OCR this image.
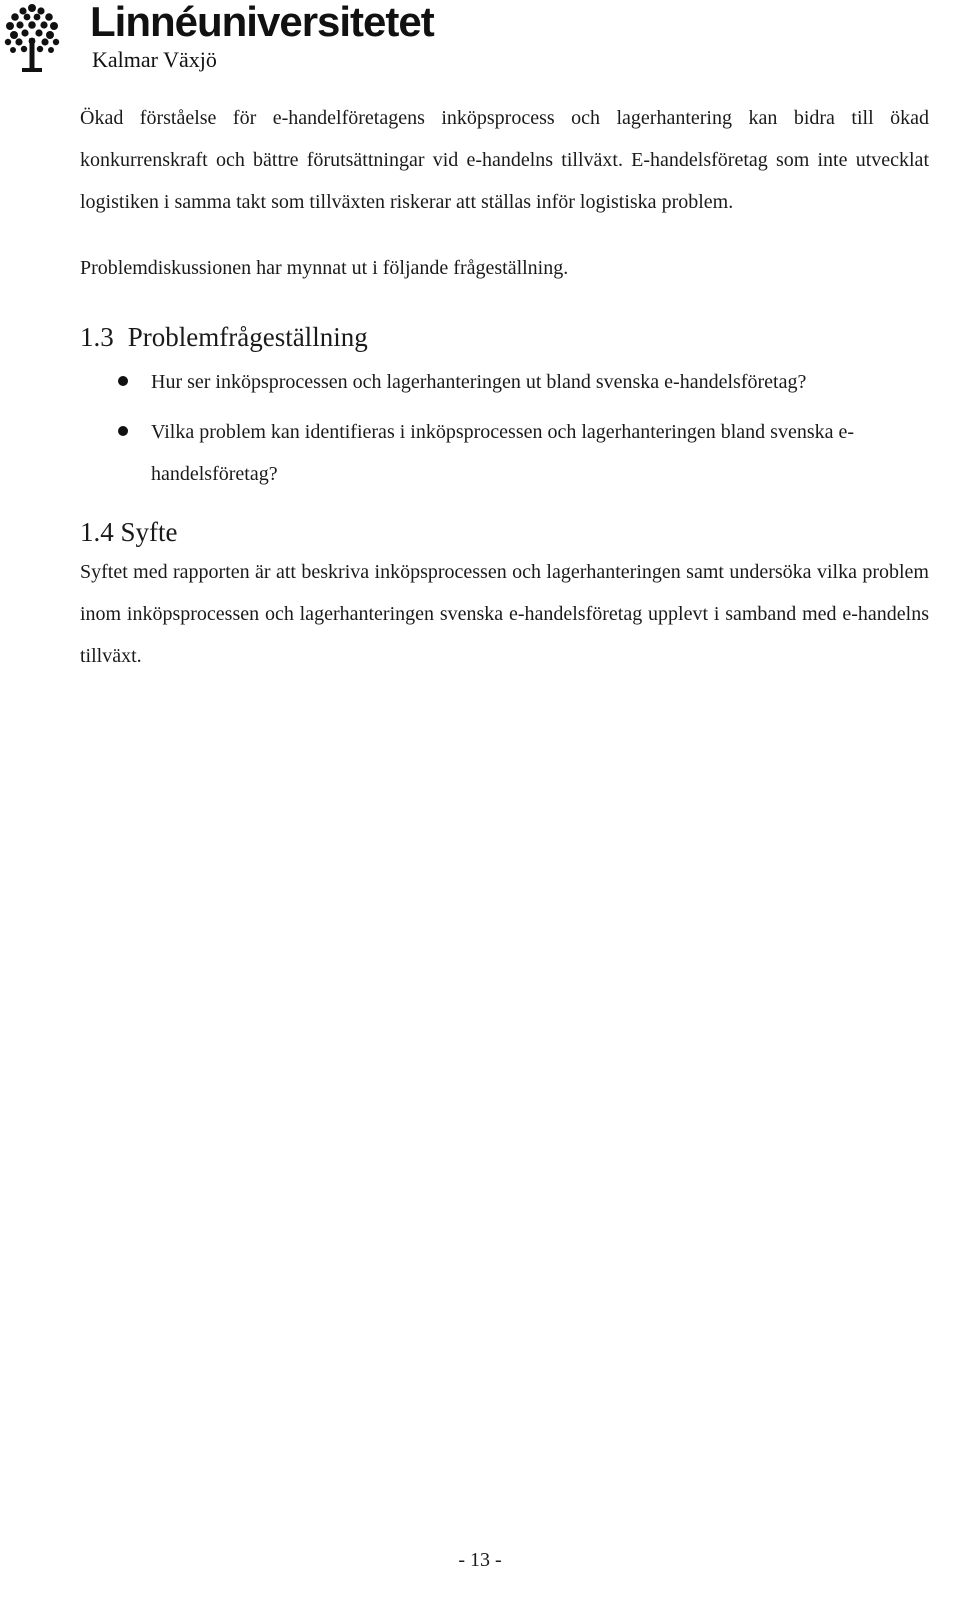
Linnéuniversitetet
Kalmar Växjö

Ökad förståelse för e-handelföretagens inköpsprocess och lagerhantering kan bidra till ökad konkurrenskraft och bättre förutsättningar vid e-handelns tillväxt. E-handelsföretag som inte utvecklat logistiken i samma takt som tillväxten riskerar att ställas inför logistiska problem.

Problemdiskussionen har mynnat ut i följande frågeställning.

1.3 Problemfrågeställning
Hur ser inköpsprocessen och lagerhanteringen ut bland svenska e-handelsföretag?
Vilka problem kan identifieras i inköpsprocessen och lagerhanteringen bland svenska e-handelsföretag?
1.4 Syfte

Syftet med rapporten är att beskriva inköpsprocessen och lagerhanteringen samt undersöka vilka problem inom inköpsprocessen och lagerhanteringen svenska e-handelsföretag upplevt i samband med e-handelns tillväxt.

- 13 -
